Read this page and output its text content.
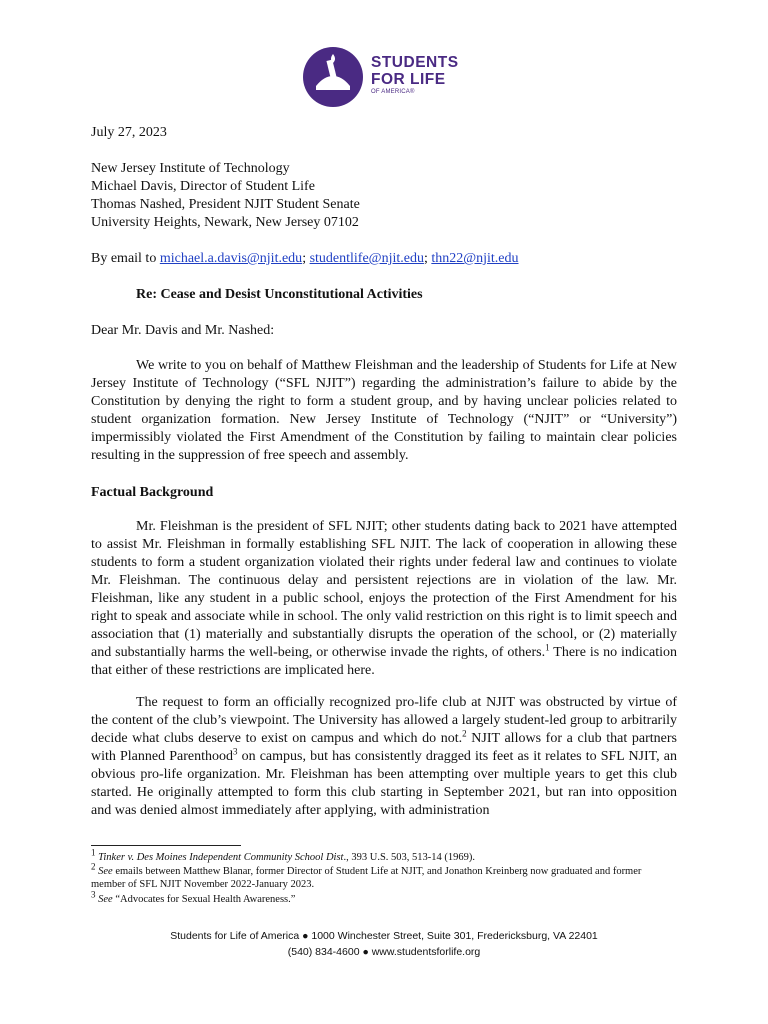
STUDENTS
FOR LIFE
OF AMERICA®

July 27, 2023

New Jersey Institute of Technology

Michael Davis, Director of Student Life

Thomas Nashed, President NJIT Student Senate

University Heights, Newark, New Jersey 07102

By email to michael.a.davis@njit.edu; studentlife@njit.edu; thn22@njit.edu

Re: Cease and Desist Unconstitutional Activities

Dear Mr. Davis and Mr. Nashed:

We write to you on behalf of Matthew Fleishman and the leadership of Students for Life at New Jersey Institute of Technology (“SFL NJIT”) regarding the administration’s failure to abide by the Constitution by denying the right to form a student group, and by having unclear policies related to student organization formation. New Jersey Institute of Technology (“NJIT” or “University”) impermissibly violated the First Amendment of the Constitution by failing to maintain clear policies resulting in the suppression of free speech and assembly.

Factual Background

Mr. Fleishman is the president of SFL NJIT; other students dating back to 2021 have attempted to assist Mr. Fleishman in formally establishing SFL NJIT. The lack of cooperation in allowing these students to form a student organization violated their rights under federal law and continues to violate Mr. Fleishman. The continuous delay and persistent rejections are in violation of the law. Mr. Fleishman, like any student in a public school, enjoys the protection of the First Amendment for his right to speak and associate while in school. The only valid restriction on this right is to limit speech and association that (1) materially and substantially disrupts the operation of the school, or (2) materially and substantially harms the well-being, or otherwise invade the rights, of others.$^1$ There is no indication that either of these restrictions are implicated here.

The request to form an officially recognized pro-life club at NJIT was obstructed by virtue of the content of the club’s viewpoint. The University has allowed a largely student-led group to arbitrarily decide what clubs deserve to exist on campus and which do not.$^2$ NJIT allows for a club that partners with Planned Parenthood$^3$ on campus, but has consistently dragged its feet as it relates to SFL NJIT, an obvious pro-life organization. Mr. Fleishman has been attempting over multiple years to get this club started. He originally attempted to form this club starting in September 2021, but ran into opposition and was denied almost immediately after applying, with administration

$^1$ Tinker v. Des Moines Independent Community School Dist., 393 U.S. 503, 513-14 (1969).

$^2$ See emails between Matthew Blanar, former Director of Student Life at NJIT, and Jonathon Kreinberg now graduated and former member of SFL NJIT November 2022-January 2023.

$^3$ See “Advocates for Sexual Health Awareness.”

Students for Life of America ● 1000 Winchester Street, Suite 301, Fredericksburg, VA 22401
(540) 834-4600 ● www.studentsforlife.org
